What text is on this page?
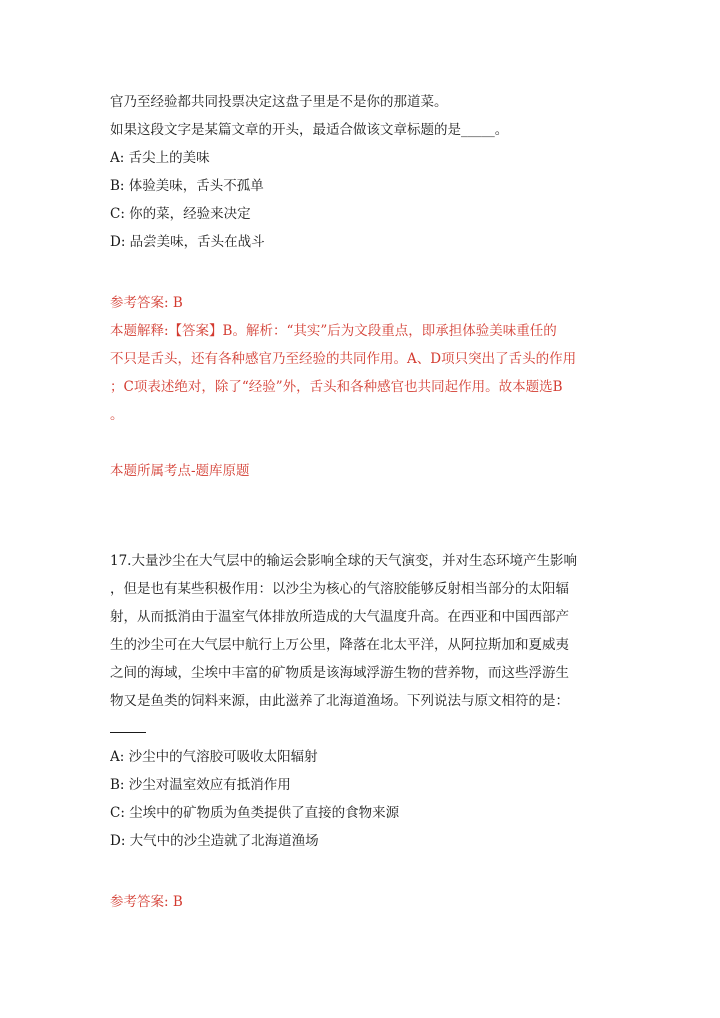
官乃至经验都共同投票决定这盘子里是不是你的那道菜。
如果这段文字是某篇文章的开头，最适合做该文章标题的是_____。
A: 舌尖上的美味
B: 体验美味，舌头不孤单
C: 你的菜，经验来决定
D: 品尝美味，舌头在战斗
参考答案: B
本题解释:【答案】B。解析：“其实”后为文段重点，即承担体验美味重任的
不只是舌头，还有各种感官乃至经验的共同作用。A、D项只突出了舌头的作用
；C项表述绝对，除了“经验”外，舌头和各种感官也共同起作用。故本题选B
。
本题所属考点-题库原题
17.大量沙尘在大气层中的输运会影响全球的天气演变，并对生态环境产生影响
，但是也有某些积极作用：以沙尘为核心的气溶胶能够反射相当部分的太阳辐
射，从而抵消由于温室气体排放所造成的大气温度升高。在西亚和中国西部产
生的沙尘可在大气层中航行上万公里，降落在北太平洋，从阿拉斯加和夏威夷
之间的海域，尘埃中丰富的矿物质是该海域浮游生物的营养物，而这些浮游生
物又是鱼类的饲料来源，由此滋养了北海道渔场。下列说法与原文相符的是：
A: 沙尘中的气溶胶可吸收太阳辐射
B: 沙尘对温室效应有抵消作用
C: 尘埃中的矿物质为鱼类提供了直接的食物来源
D: 大气中的沙尘造就了北海道渔场
参考答案: B
